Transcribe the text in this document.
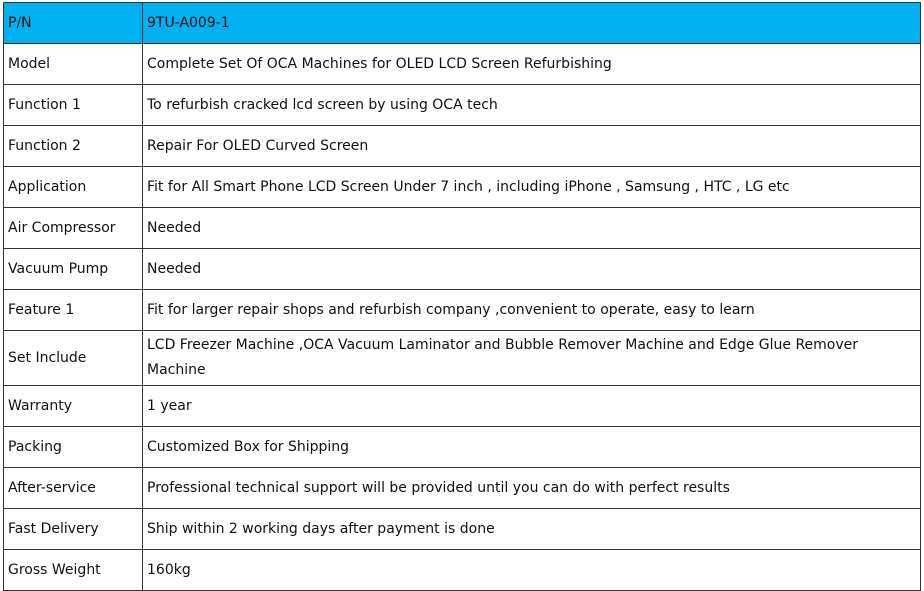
P/N	9TU-A009-1
Model	Complete Set Of OCA Machines for OLED LCD Screen Refurbishing
Function 1	To refurbish cracked lcd screen by using OCA tech
Function 2	Repair For OLED Curved Screen
Application	Fit for All Smart Phone LCD Screen Under 7 inch , including iPhone , Samsung , HTC , LG etc
Air Compressor	Needed
Vacuum Pump	Needed
Feature 1	Fit for larger repair shops and refurbish company ,convenient to operate, easy to learn
Set Include	LCD Freezer Machine ,OCA Vacuum Laminator and Bubble Remover Machine and Edge Glue Remover Machine
Warranty	1 year
Packing	Customized Box for Shipping
After-service	Professional technical support will be provided until you can do with perfect results
Fast Delivery	Ship within 2 working days after payment is done
Gross Weight	160kg
